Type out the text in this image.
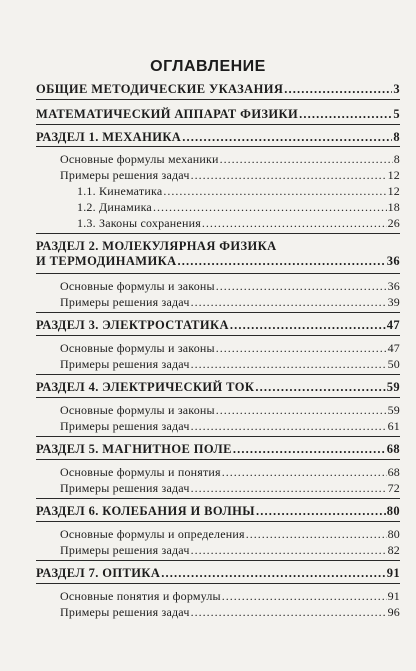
ОГЛАВЛЕНИЕ
ОБЩИЕ МЕТОДИЧЕСКИЕ УКАЗАНИЯ . . .	3
МАТЕМАТИЧЕСКИЙ АППАРАТ ФИЗИКИ . . .	5
РАЗДЕЛ 1. МЕХАНИКА . . .	8
Основные формулы механики . . .	8
Примеры решения задач . . .	12
1.1. Кинематика . . .	12
1.2. Динамика . . .	18
1.3. Законы сохранения . . .	26
РАЗДЕЛ 2. МОЛЕКУЛЯРНАЯ ФИЗИКА
И ТЕРМОДИНАМИКА . . .	36
Основные формулы и законы . . .	36
Примеры решения задач . . .	39
РАЗДЕЛ 3. ЭЛЕКТРОСТАТИКА . . .	47
Основные формулы и законы . . .	47
Примеры решения задач . . .	50
РАЗДЕЛ 4. ЭЛЕКТРИЧЕСКИЙ ТОК . . .	59
Основные формулы и законы . . .	59
Примеры решения задач . . .	61
РАЗДЕЛ 5. МАГНИТНОЕ ПОЛЕ . . .	68
Основные формулы и понятия . . .	68
Примеры решения задач . . .	72
РАЗДЕЛ 6. КОЛЕБАНИЯ И ВОЛНЫ . . .	80
Основные формулы и определения . . .	80
Примеры решения задач . . .	82
РАЗДЕЛ 7. ОПТИКА . . .	91
Основные понятия и формулы . . .	91
Примеры решения задач . . .	96
